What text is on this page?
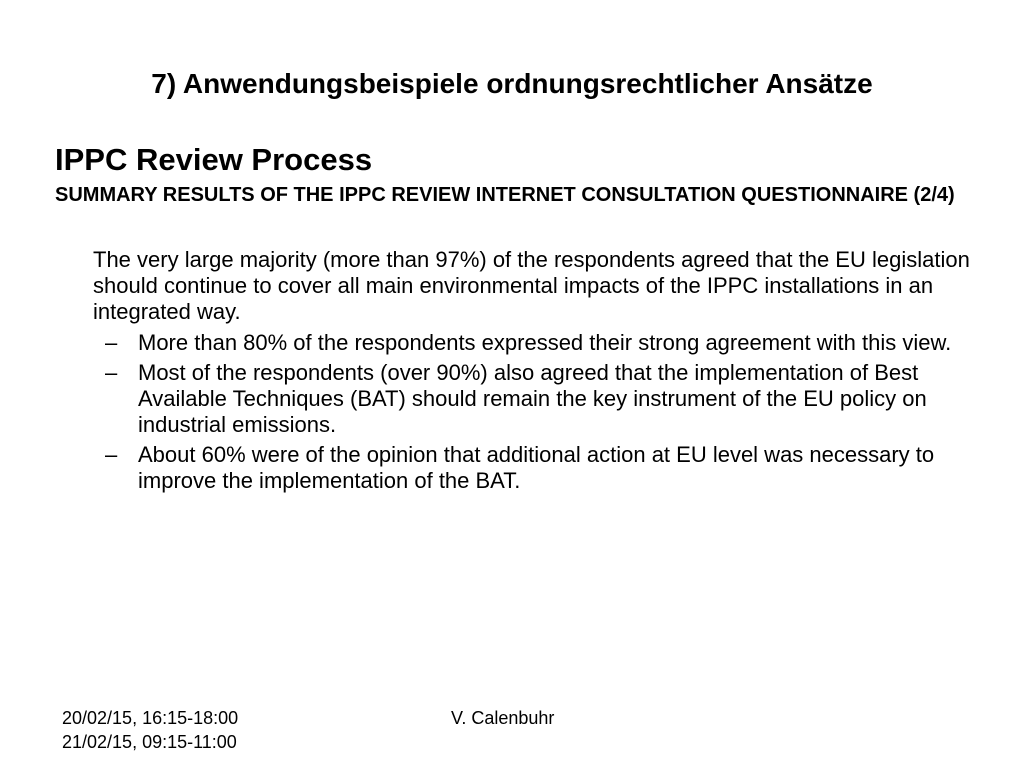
7) Anwendungsbeispiele ordnungsrechtlicher Ansätze
IPPC Review Process
SUMMARY RESULTS OF THE IPPC REVIEW INTERNET CONSULTATION QUESTIONNAIRE (2/4)
The very large majority (more than 97%) of the respondents agreed that the EU legislation should continue to cover all main environmental impacts of the IPPC installations in an integrated way.
– More than 80% of the respondents expressed their strong agreement with this view.
– Most of the respondents (over 90%) also agreed that the implementation of Best Available Techniques (BAT) should remain the key instrument of the EU policy on industrial emissions.
– About 60% were of the opinion that additional action at EU level was necessary to improve the implementation of the BAT.
20/02/15, 16:15-18:00
21/02/15, 09:15-11:00
V. Calenbuhr
